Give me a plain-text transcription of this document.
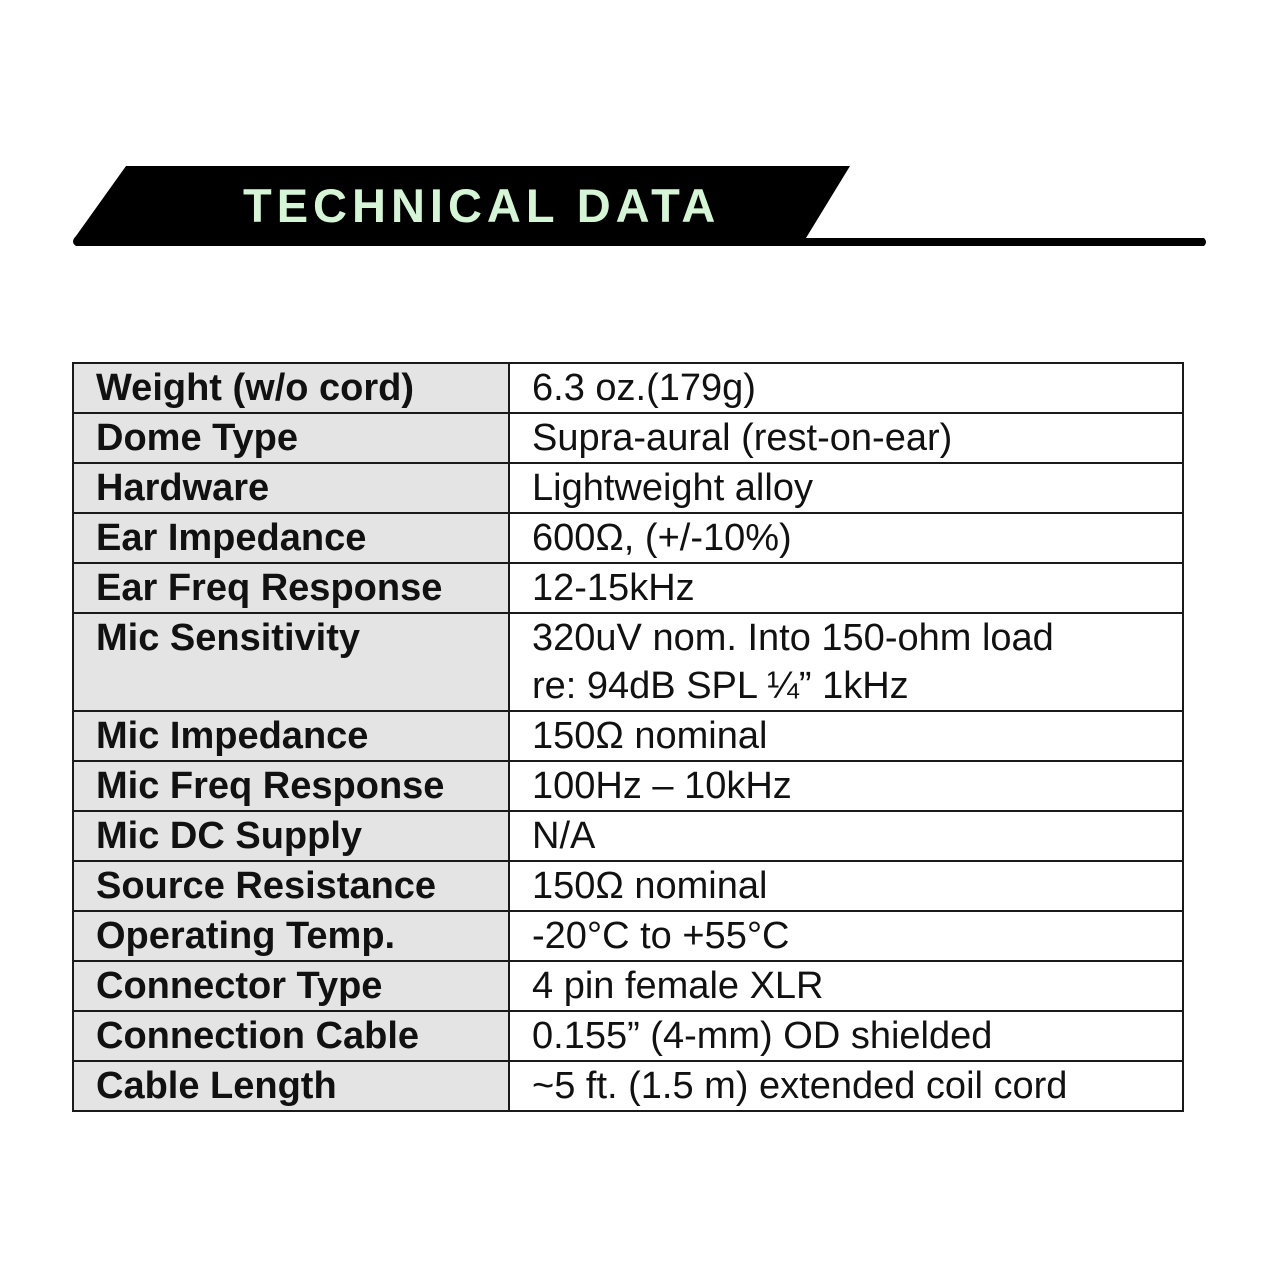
TECHNICAL DATA
Weight (w/o cord)	6.3 oz.(179g)

Dome Type	Supra-aural (rest-on-ear)

Hardware	Lightweight alloy

Ear Impedance	600Ω, (+/-10%)

Ear Freq Response	12-15kHz

Mic Sensitivity	320uV nom. Into 150-ohm load
re: 94dB SPL ¼” 1kHz

Mic Impedance	150Ω nominal

Mic Freq Response	100Hz – 10kHz

Mic DC Supply	N/A

Source Resistance	150Ω nominal

Operating Temp.	-20°C to +55°C

Connector Type	4 pin female XLR

Connection Cable	0.155” (4-mm) OD shielded

Cable Length	~5 ft. (1.5 m) extended coil cord
